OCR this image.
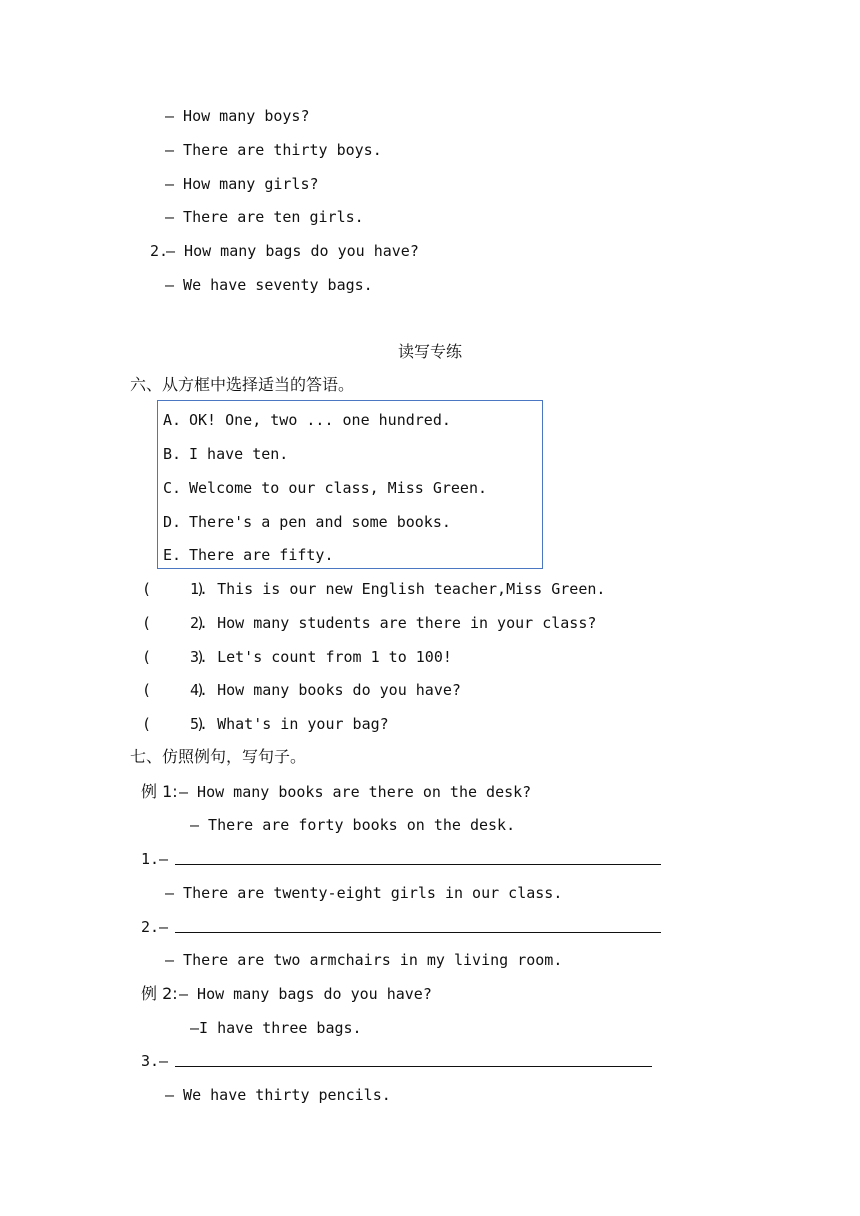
— How many boys?
— There are thirty boys.
— How many girls?
— There are ten girls.
2.
— How many bags do you have?
— We have seventy bags.
读写专练
六、从方框中选择适当的答语。
A. OK! One, two ... one hundred.
B. I have ten.
C. Welcome to our class, Miss Green.
D. There's a pen and some books.
E. There are fifty.
(     )
1. This is our new English teacher,Miss Green.
(     )
2. How many students are there in your class?
(     )
3. Let's count from 1 to 100!
(     )
4. How many books do you have?
(     )
5. What's in your bag?
七、仿照例句，写句子。
例 1: — How many books are there on the desk?
— There are forty books on the desk.
1.—
— There are twenty-eight girls in our class.
2.—
— There are two armchairs in my living room.
例 2: — How many bags do you have?
—I have three bags.
3.—
— We have thirty pencils.
